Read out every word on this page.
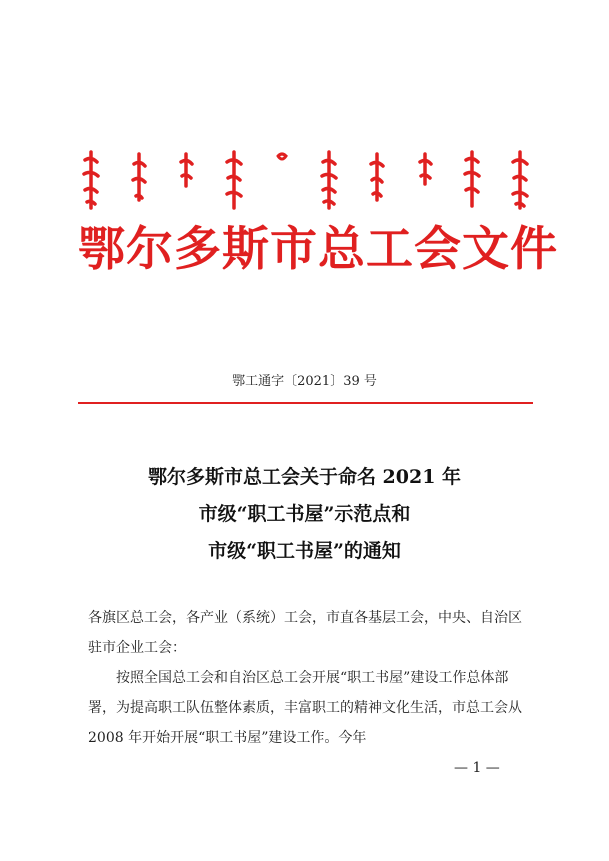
鄂尔多斯市总工会文件
鄂工通字〔2021〕39 号
鄂尔多斯市总工会关于命名 2021 年
市级“职工书屋”示范点和
市级“职工书屋”的通知

各旗区总工会，各产业（系统）工会，市直各基层工会，中央、自治区驻市企业工会：

按照全国总工会和自治区总工会开展“职工书屋”建设工作总体部署，为提高职工队伍整体素质，丰富职工的精神文化生活，市总工会从 2008 年开始开展“职工书屋”建设工作。今年

— 1 —
